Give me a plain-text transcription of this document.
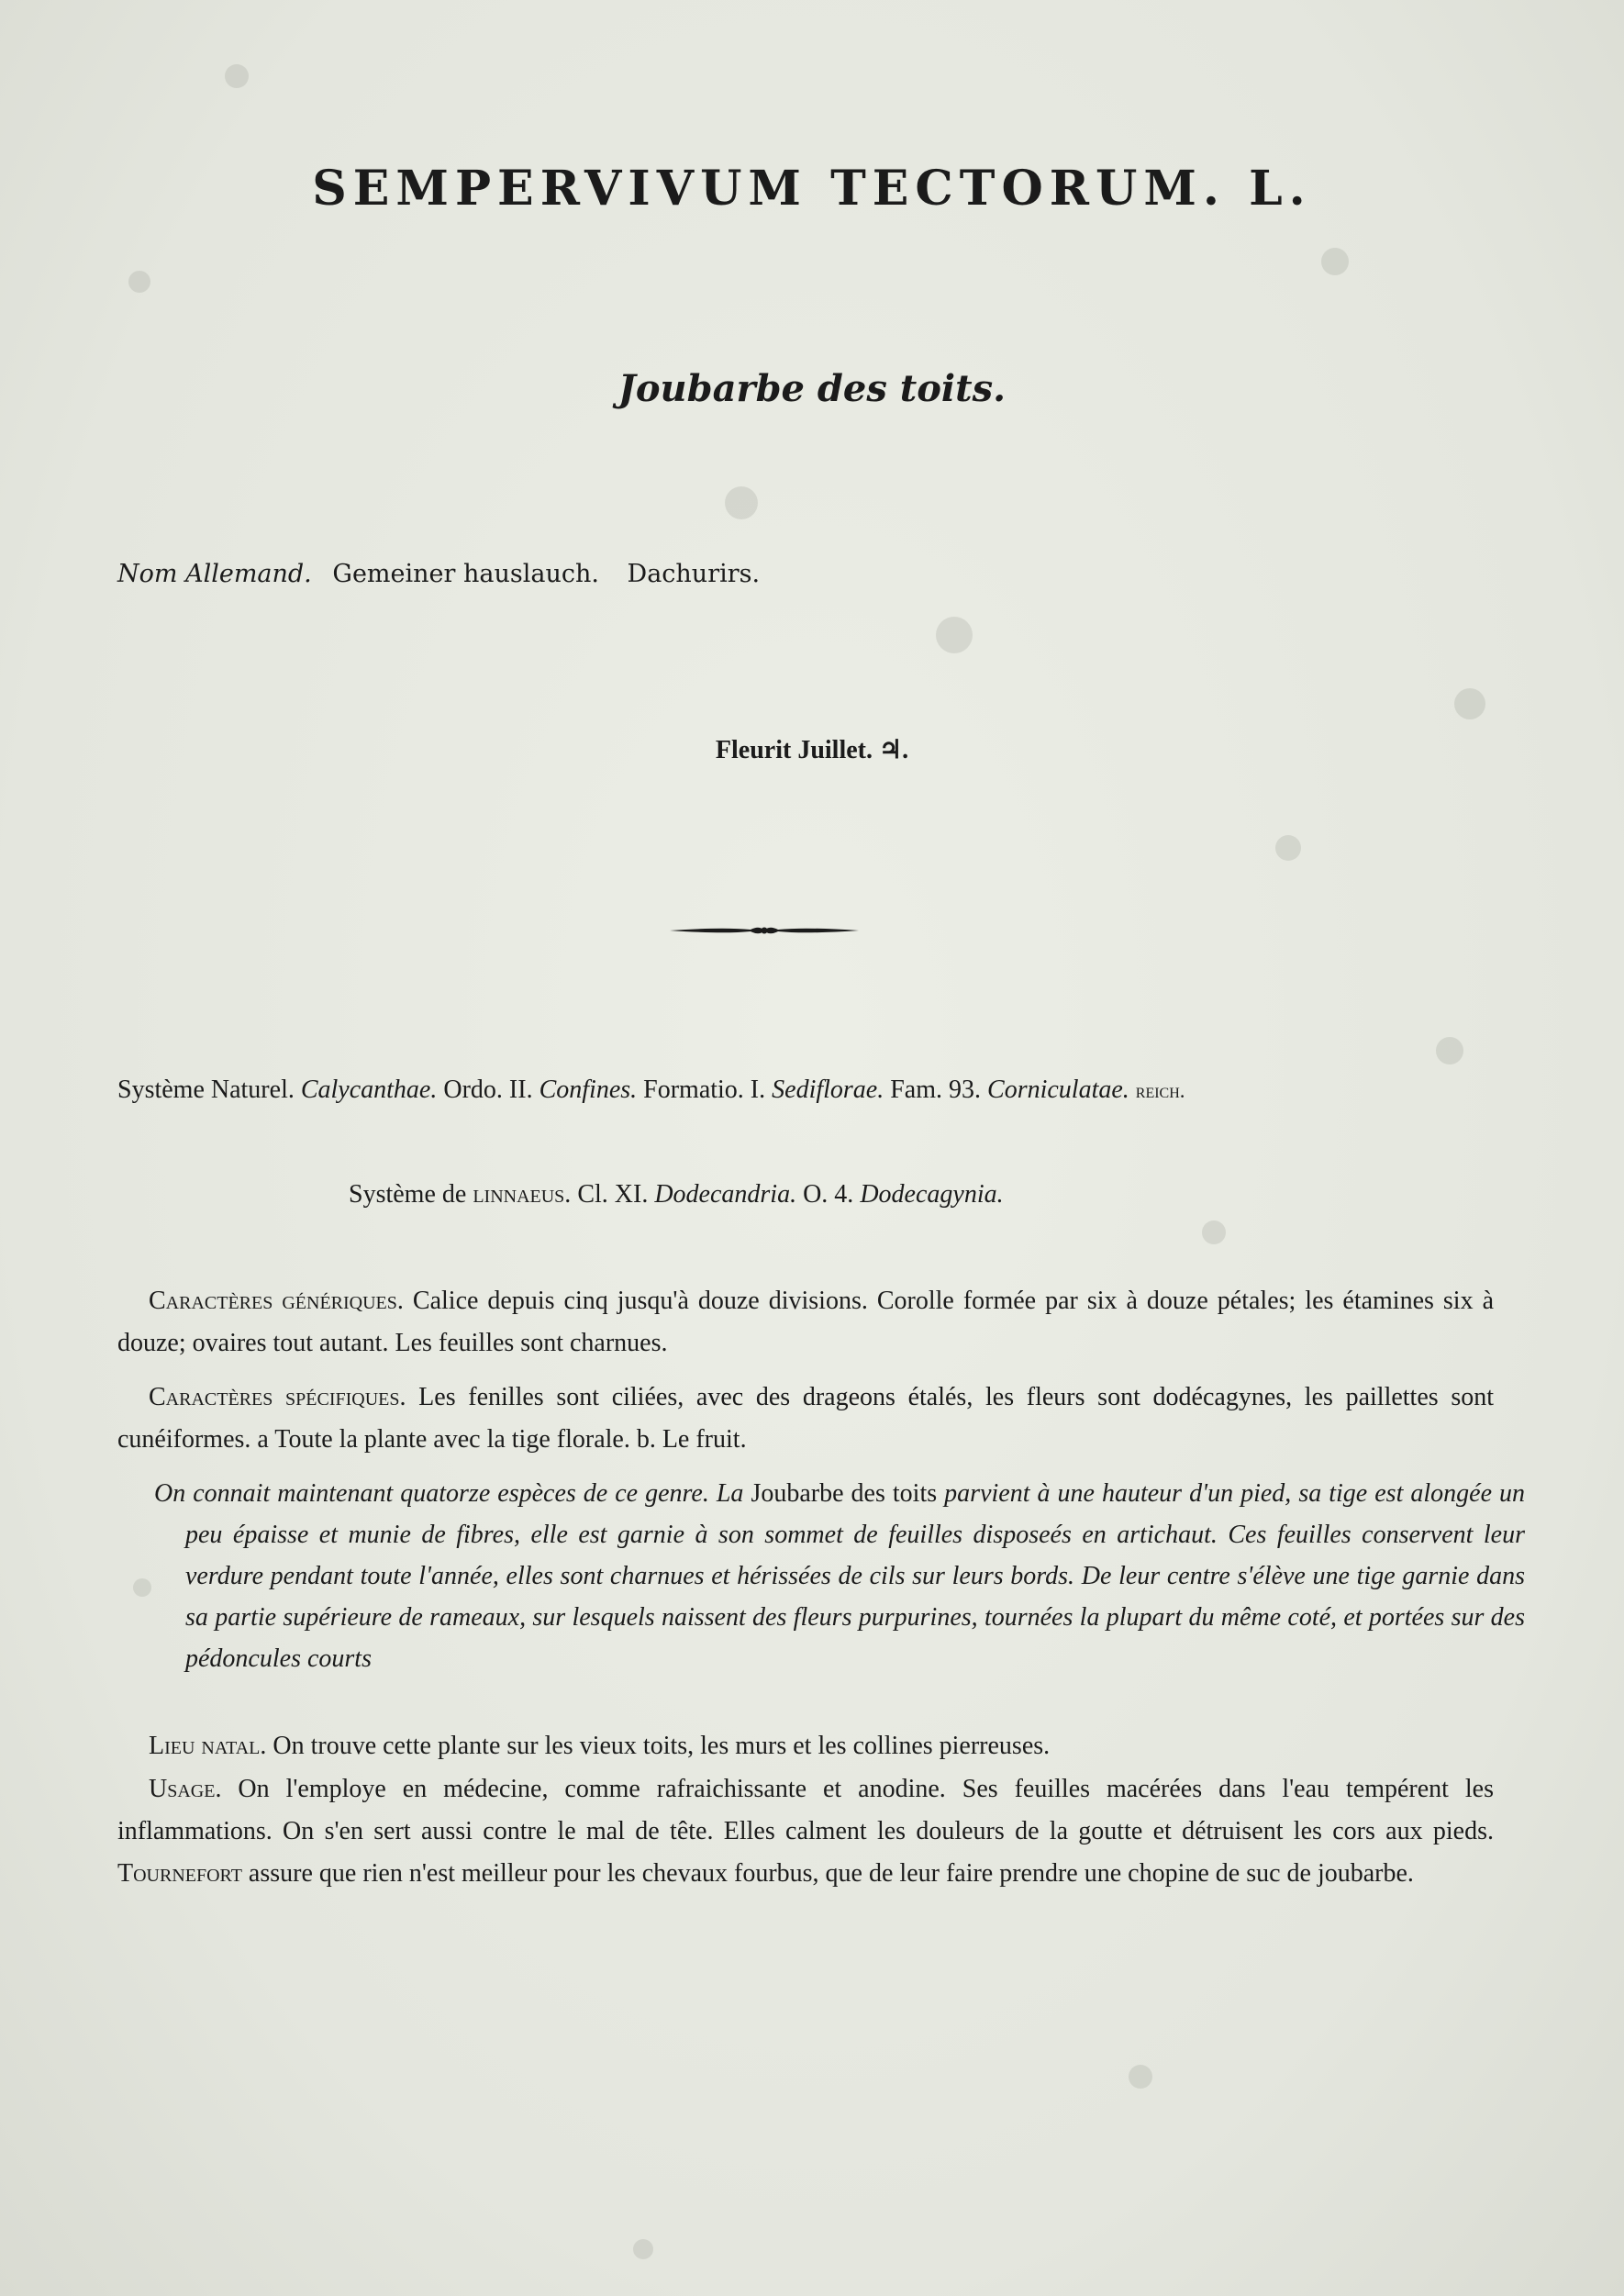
SEMPERVIVUM TECTORUM. L.
Joubarbe des toits.
Nom Allemand. Gemeiner hauslauch. Dachurirs.
Fleurit Juillet. ♃.
Système Naturel. Calycanthae. Ordo. II. Confines. Formatio. I. Sediflorae. Fam. 93. Corniculatae. reich.
Système de linnaeus. Cl. XI. Dodecandria. O. 4. Dodecagynia.
Caractères génériques. Calice depuis cinq jusqu'à douze divisions. Corolle formée par six à douze pétales; les étamines six à douze; ovaires tout autant. Les feuilles sont charnues.
Caractères spécifiques. Les fenilles sont ciliées, avec des drageons étalés, les fleurs sont dodécagynes, les paillettes sont cunéiformes. a Toute la plante avec la tige florale. b. Le fruit.
On connait maintenant quatorze espèces de ce genre. La Joubarbe des toits parvient à une hauteur d'un pied, sa tige est alongée un peu épaisse et munie de fibres, elle est garnie à son sommet de feuilles disposeés en artichaut. Ces feuilles conservent leur verdure pendant toute l'année, elles sont charnues et hérissées de cils sur leurs bords. De leur centre s'élève une tige garnie dans sa partie supérieure de rameaux, sur lesquels naissent des fleurs purpurines, tournées la plupart du même coté, et portées sur des pédoncules courts
Lieu natal. On trouve cette plante sur les vieux toits, les murs et les collines pierreuses.
Usage. On l'employe en médecine, comme rafraichissante et anodine. Ses feuilles macérées dans l'eau tempérent les inflammations. On s'en sert aussi contre le mal de tête. Elles calment les douleurs de la goutte et détruisent les cors aux pieds. Tournefort assure que rien n'est meilleur pour les chevaux fourbus, que de leur faire prendre une chopine de suc de joubarbe.
